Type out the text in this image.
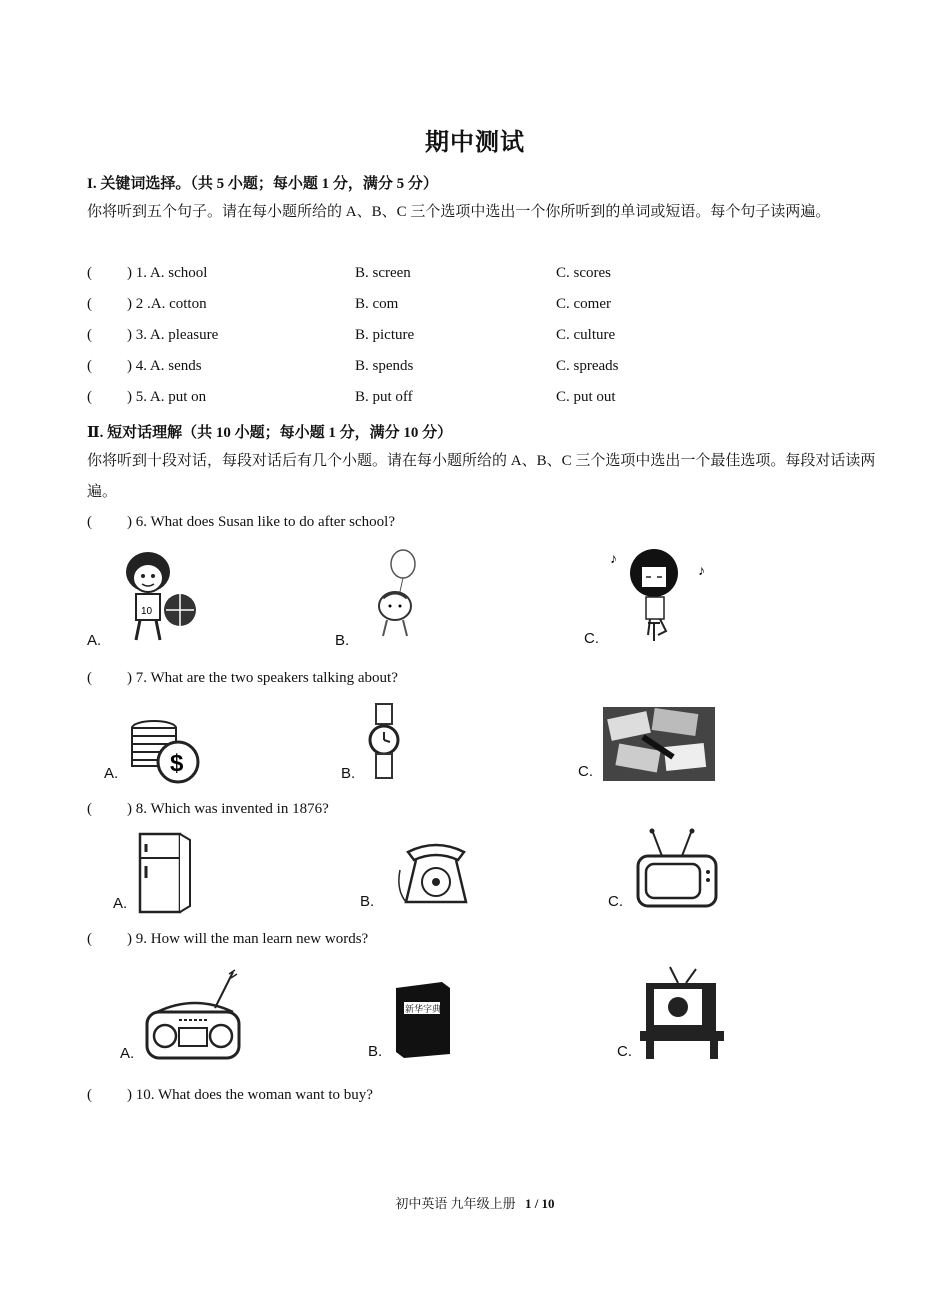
期中测试
I. 关键词选择。（共 5 小题；每小题 1 分，满分 5 分）
你将听到五个句子。请在每小题所给的 A、B、C 三个选项中选出一个你所听到的单词或短语。每个句子读两遍。
( ) 1. A. school	B. screen	C. scores
( ) 2 .A. cotton	B. com	C. comer
( ) 3. A. pleasure	B. picture	C. culture
( ) 4. A. sends	B. spends	C. spreads
( ) 5. A. put on	B. put off	C. put out
Ⅱ. 短对话理解（共 10 小题；每小题 1 分，满分 10 分）
你将听到十段对话，每段对话后有几个小题。请在每小题所给的 A、B、C 三个选项中选出一个最佳选项。每段对话读两遍。
( ) 6. What does Susan like to do after school?
A.
10
B.	C.
♪
♪
( ) 7. What are the two speakers talking about?
A. $	B.	C.
( ) 8. Which was invented in 1876?
A.	B.	C.
( ) 9. How will the man learn new words?
A.	B.
新华字典
C.
( ) 10. What does the woman want to buy?
初中英语 九年级上册 1 / 10
